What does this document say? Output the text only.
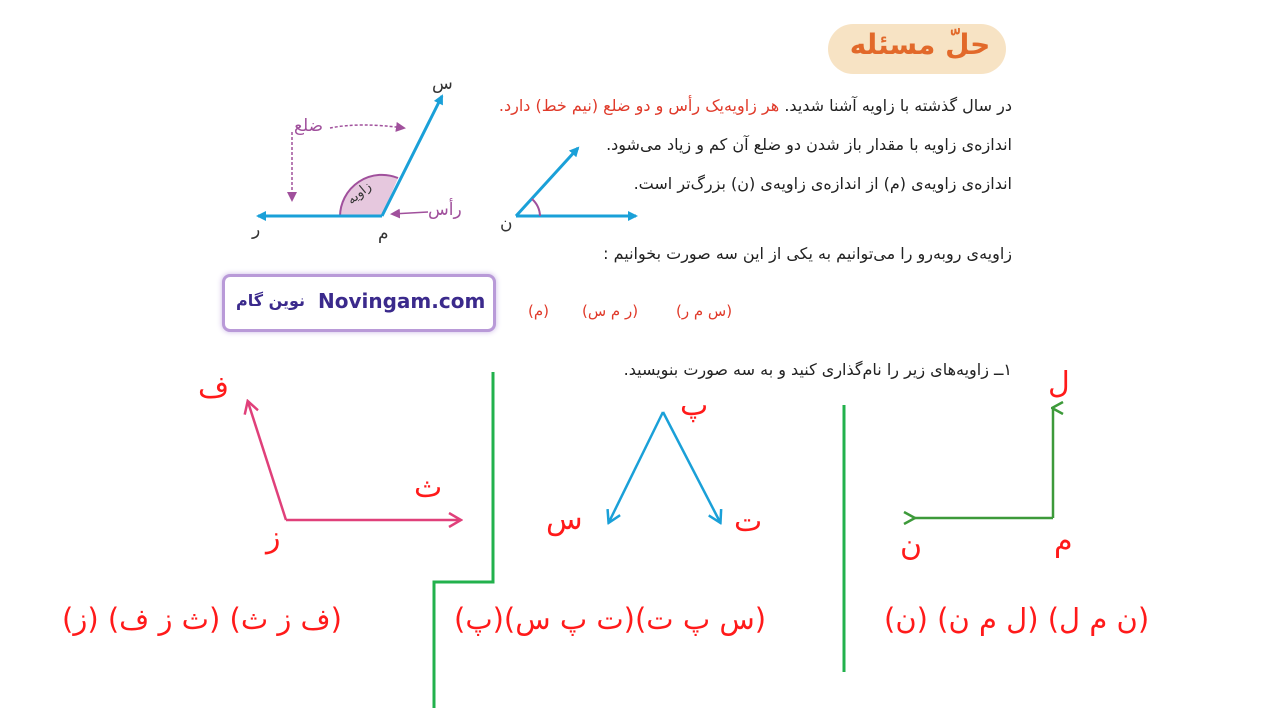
حلّ مسئله
در سال گذشته با زاویه آشنا شدید. هر زاویه‌یک رأس و دو ضلع (نیم خط) دارد.
اندازه‌ی زاویه با مقدار باز شدن دو ضلع آن کم و زیاد می‌شود.
اندازه‌ی زاویه‌ی (م) از اندازه‌ی زاویه‌ی (ن) بزرگ‌تر است.
زاویه‌ی روبه‌رو را می‌توانیم به یکی از این سه صورت بخوانیم :
(س م ر)
(ر م س)
(م)
۱ــ زاویه‌های زیر را نام‌گذاری کنید و به سه صورت بنویسید.
Novingam.com
نوین گام
س
ر	م	ن
ضلع
رأس
زاویه
ل
م
ن
پ
س	ت
ف
ث
ز
(ن م ل) (ل م ن) (ن)
(س پ ت)(ت پ س)(پ)
(ف ز ث) (ث ز ف) (ز)
